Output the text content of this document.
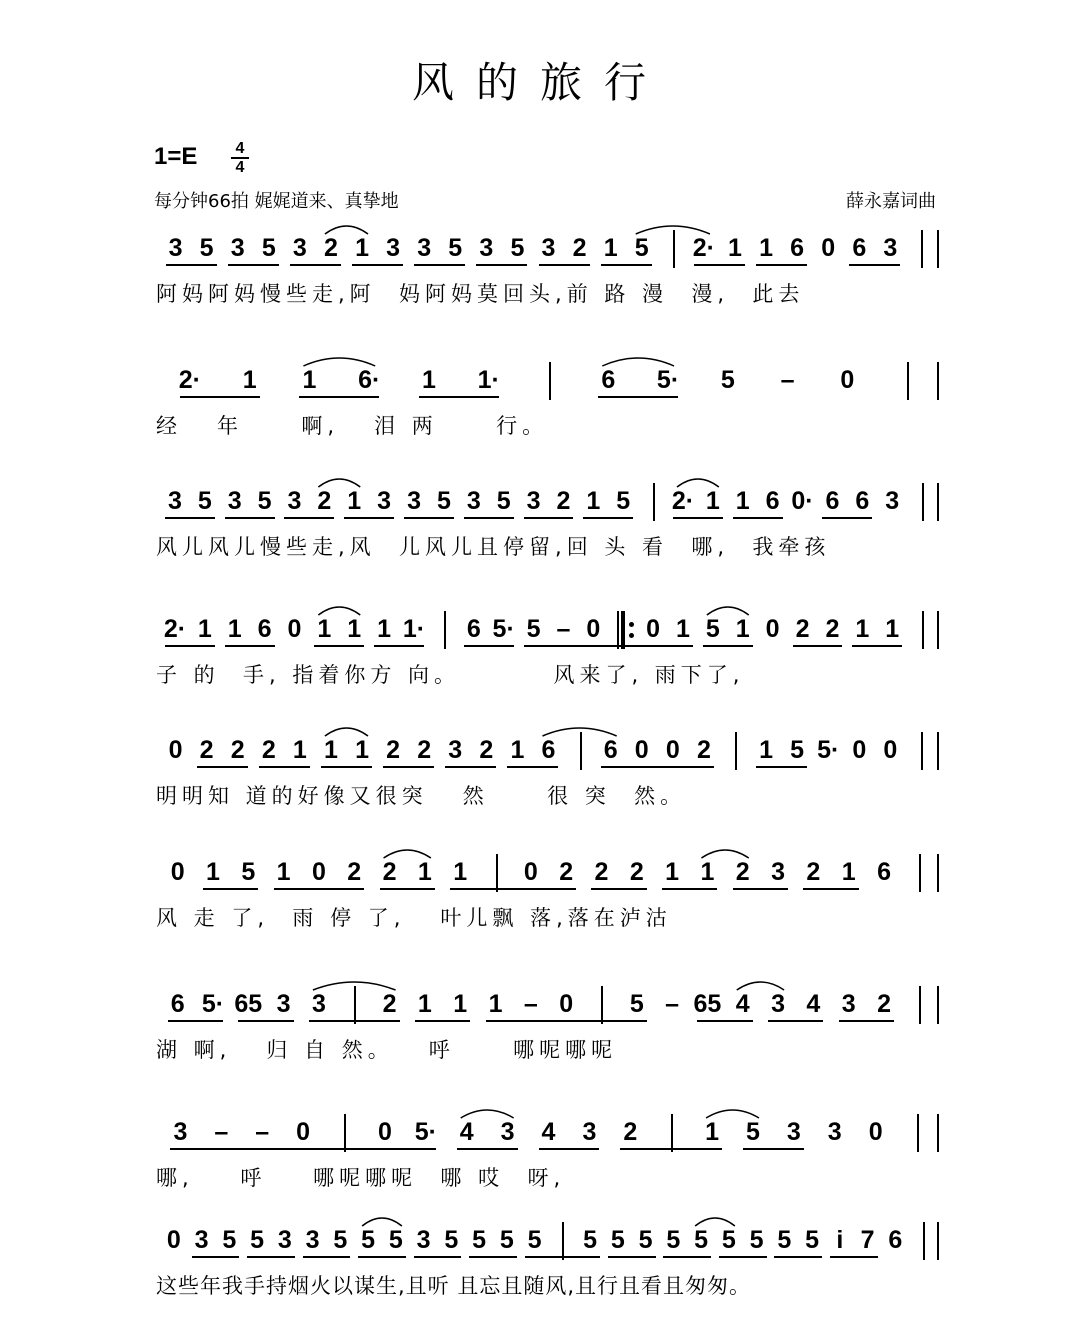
风的旅行
1=E 4
4
每分钟66拍 娓娓道来、真挚地	薛永嘉词曲
3 5 3 5 3 2 1 3 3 5 3 5 3 2 1 5 2· 1 1 6 0 6 3
阿妈阿妈慢些走,阿  妈阿妈莫回头,前 路 漫  漫,  此去
2· 1 1 6· 1 1·	6 5· 5 – 0
经   年     啊,   泪 两     行。
3 5 3 5 3 2 1 3 3 5 3 5 3 2 1 5 2· 1 1 6 0· 6 6 3
风儿风儿慢些走,风  儿风儿且停留,回 头 看  哪,  我牵孩
2· 1 1 6 0 1 1 1 1· 6 5· 5 – 0 0 1 5 1 0 2 2 1 1
子 的  手, 指着你方 向。        风来了, 雨下了,
0 2 2 2 1 1 1 2 2 3 2 1 6 6 0 0 2 1 5 5· 0 0
明明知 道的好像又很突   然     很 突  然。
0 1 5 1 0 2 2 1 1 0 2 2 2 1 1 2 3 2 1 6
风 走 了,  雨 停 了,   叶儿飘 落,落在泸沽
6 5· 65 3 3 2 1 1 1 – 0 5 – 65 4 3 4 3 2
湖 啊,   归 自 然。   呼     哪呢哪呢
3 – – 0	0 5· 4 3 4 3 2	1 5 3 3 0
哪,    呼    哪呢哪呢  哪 哎  呀,
0 3 5 5 3 3 5 5 5 3 5 5 5 5 5 5 5 5 5 5 5 5 5 i 7 6
这些年我手持烟火以谋生,且听 且忘且随风,且行且看且匆匆。
